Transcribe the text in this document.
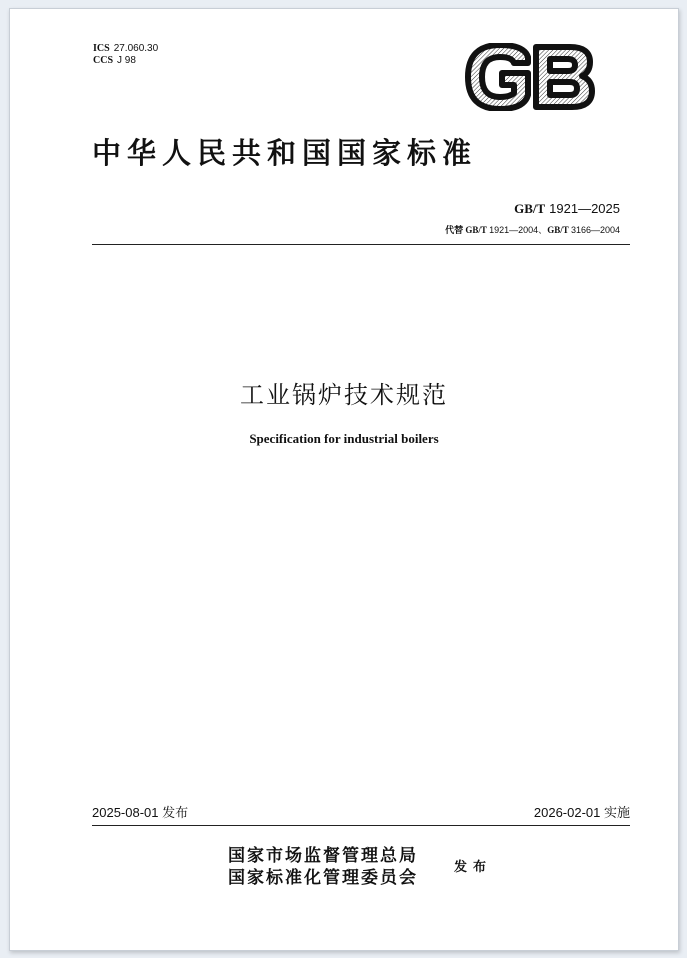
ICS 27.060.30
CCS J 98
GB
中华人民共和国国家标准
GB/T 1921—2025
代替 GB/T 1921—2004、GB/T 3166—2004
工业锅炉技术规范
Specification for industrial boilers
2025-08-01 发布	2026-02-01 实施
国家市场监督管理总局
国家标准化管理委员会
发布
